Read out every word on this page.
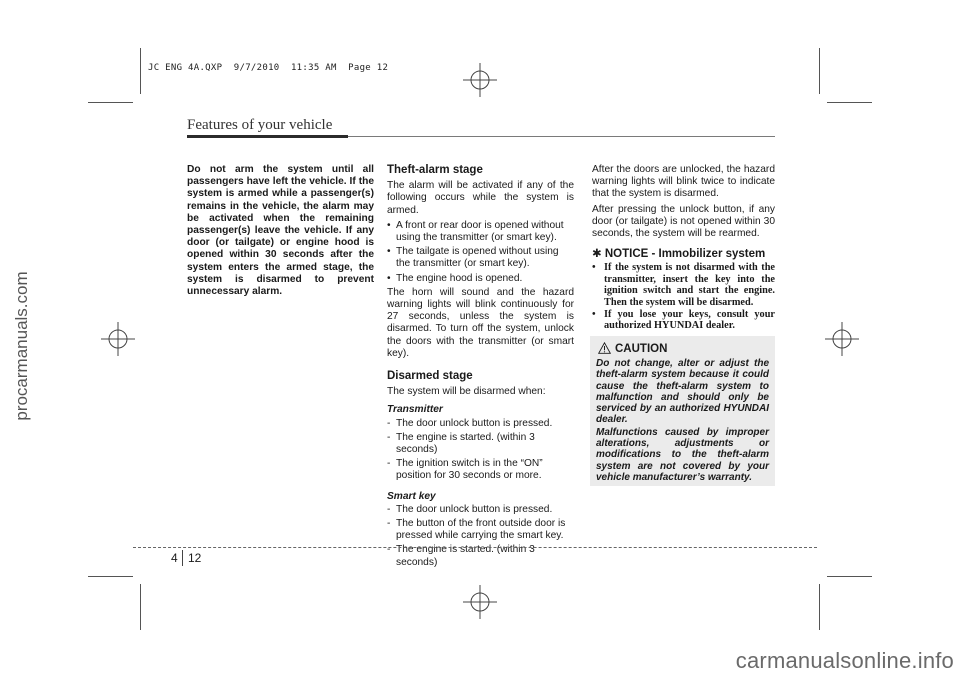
JC ENG 4A.QXP  9/7/2010  11:35 AM  Page 12
Features of your vehicle

Do not arm the system until all passengers have left the vehicle. If the system is armed while a passenger(s) remains in the vehicle, the alarm may be activated when the remaining passenger(s) leave the vehicle. If any door (or tailgate) or engine hood is opened within 30 seconds after the system enters the armed stage, the system is disarmed to prevent unnecessary alarm.

Theft-alarm stage

The alarm will be activated if any of the following occurs while the system is armed.

• A front or rear door is opened without using the transmitter (or smart key).
• The tailgate is opened without using the transmitter (or smart key).
• The engine hood is opened.

The horn will sound and the hazard warning lights will blink continuously for 27 seconds, unless the system is disarmed. To turn off the system, unlock the doors with the transmitter (or smart key).

Disarmed stage

The system will be disarmed when:

Transmitter
- The door unlock button is pressed.
- The engine is started. (within 3 seconds)
- The ignition switch is in the “ON” position for 30 seconds or more.
Smart key
- The door unlock button is pressed.
- The button of the front outside door is pressed while carrying the smart key.
- The engine is started. (within 3 seconds)

After the doors are unlocked, the hazard warning lights will blink twice to indicate that the system is disarmed.

After pressing the unlock button, if any door (or tailgate) is not opened within 30 seconds, the system will be rearmed.

✱ NOTICE - Immobilizer system
• If the system is not disarmed with the transmitter, insert the key into the ignition switch and start the engine. Then the system will be disarmed.
• If you lose your keys, consult your authorized HYUNDAI dealer.
CAUTION

Do not change, alter or adjust the theft-alarm system because it could cause the theft-alarm system to malfunction and should only be serviced by an authorized HYUNDAI dealer.

Malfunctions caused by improper alterations, adjustments or modifications to the theft-alarm system are not covered by your vehicle manufacturer’s warranty.

4 12
procarmanuals.com
carmanualsonline.info
